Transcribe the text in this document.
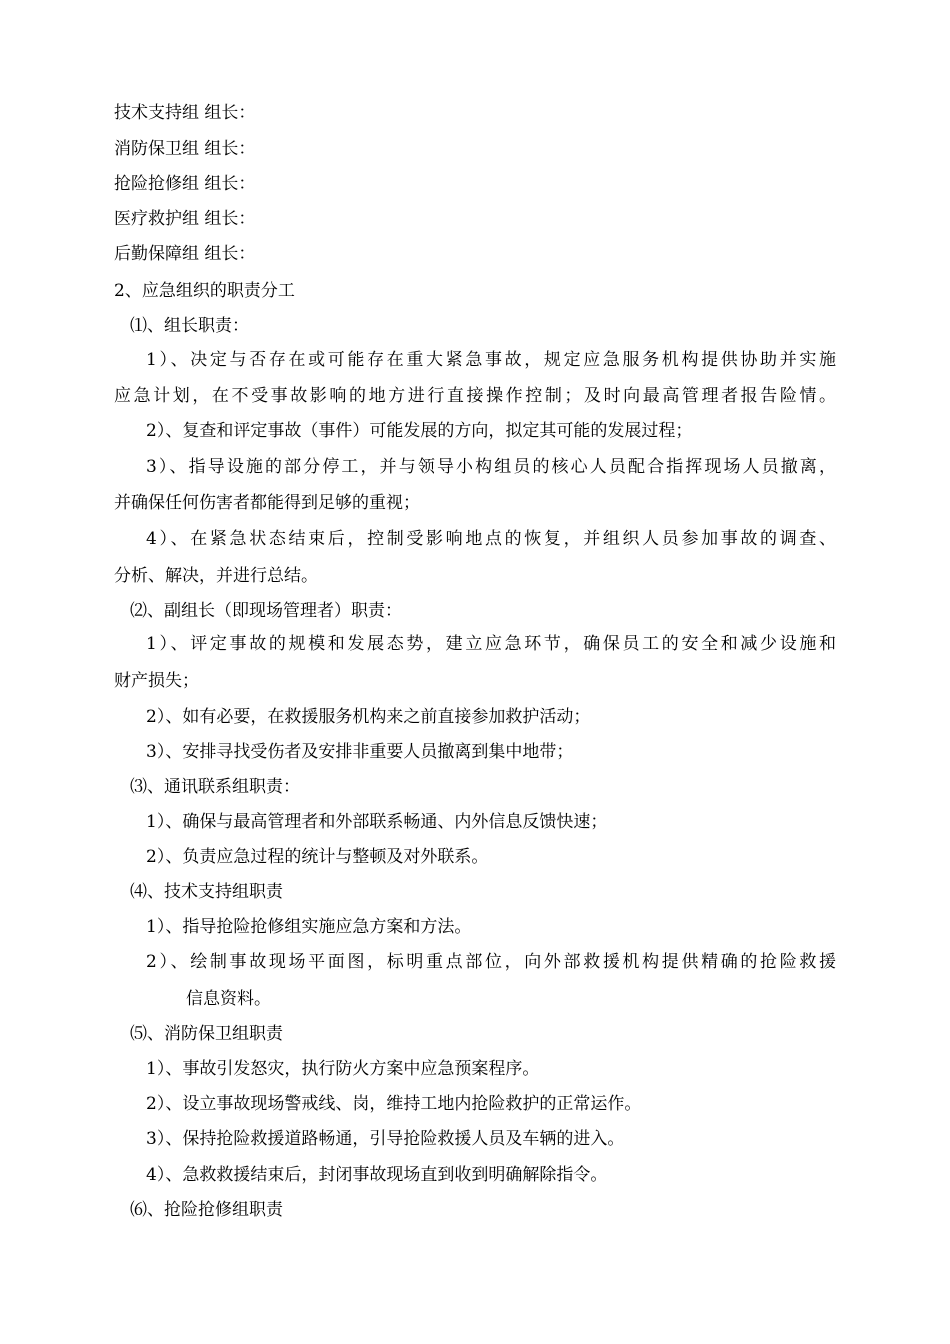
技术支持组 组长：
消防保卫组 组长：
抢险抢修组 组长：
医疗救护组 组长：
后勤保障组 组长：
2、应急组织的职责分工
⑴、组长职责：
1）、决定与否存在或可能存在重大紧急事故，规定应急服务机构提供协助并实施
应急计划，在不受事故影响的地方进行直接操作控制；及时向最高管理者报告险情。
2）、复查和评定事故（事件）可能发展的方向，拟定其可能的发展过程；
3）、指导设施的部分停工，并与领导小构组员的核心人员配合指挥现场人员撤离，
并确保任何伤害者都能得到足够的重视；
4）、在紧急状态结束后，控制受影响地点的恢复，并组织人员参加事故的调查、
分析、解决，并进行总结。
⑵、副组长（即现场管理者）职责：
1）、评定事故的规模和发展态势，建立应急环节，确保员工的安全和减少设施和
财产损失；
2）、如有必要，在救援服务机构来之前直接参加救护活动；
3）、安排寻找受伤者及安排非重要人员撤离到集中地带；
⑶、通讯联系组职责：
1）、确保与最高管理者和外部联系畅通、内外信息反馈快速；
2）、负责应急过程的统计与整顿及对外联系。
⑷、技术支持组职责
1）、指导抢险抢修组实施应急方案和方法。
2）、绘制事故现场平面图，标明重点部位，向外部救援机构提供精确的抢险救援
信息资料。
⑸、消防保卫组职责
1）、事故引发怒灾，执行防火方案中应急预案程序。
2）、设立事故现场警戒线、岗，维持工地内抢险救护的正常运作。
3）、保持抢险救援道路畅通，引导抢险救援人员及车辆的进入。
4）、急救救援结束后，封闭事故现场直到收到明确解除指令。
⑹、抢险抢修组职责
